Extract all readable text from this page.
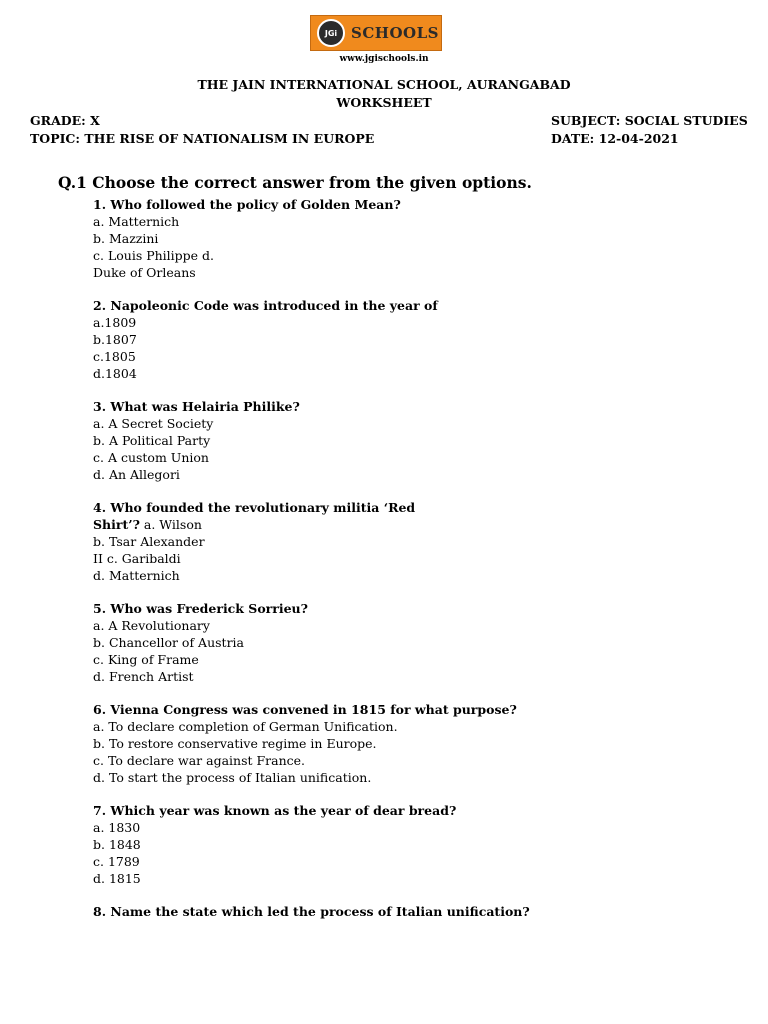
JGi SCHOOLS
www.jgischools.in
THE JAIN INTERNATIONAL SCHOOL, AURANGABAD
WORKSHEET
GRADE: X	SUBJECT: SOCIAL STUDIES
TOPIC: THE RISE OF NATIONALISM IN EUROPE	DATE: 12-04-2021
Q.1 Choose the correct answer from the given options.
1. Who followed the policy of Golden Mean?
a. Matternich
b. Mazzini
c. Louis Philippe d.
Duke of Orleans
2. Napoleonic Code was introduced in the year of
a.1809
b.1807
c.1805
d.1804
3. What was Helairia Philike?
a. A Secret Society
b. A Political Party
c. A custom Union
d. An Allegori
4. Who founded the revolutionary militia ‘Red
Shirt’? a. Wilson
b. Tsar Alexander
II c. Garibaldi
d. Matternich
5. Who was Frederick Sorrieu?
a. A Revolutionary
b. Chancellor of Austria
c. King of Frame
d. French Artist
6. Vienna Congress was convened in 1815 for what purpose?
a. To declare completion of German Unification.
b. To restore conservative regime in Europe.
c. To declare war against France.
d. To start the process of Italian unification.
7. Which year was known as the year of dear bread?
a. 1830
b. 1848
c. 1789
d. 1815
8. Name the state which led the process of Italian unification?
